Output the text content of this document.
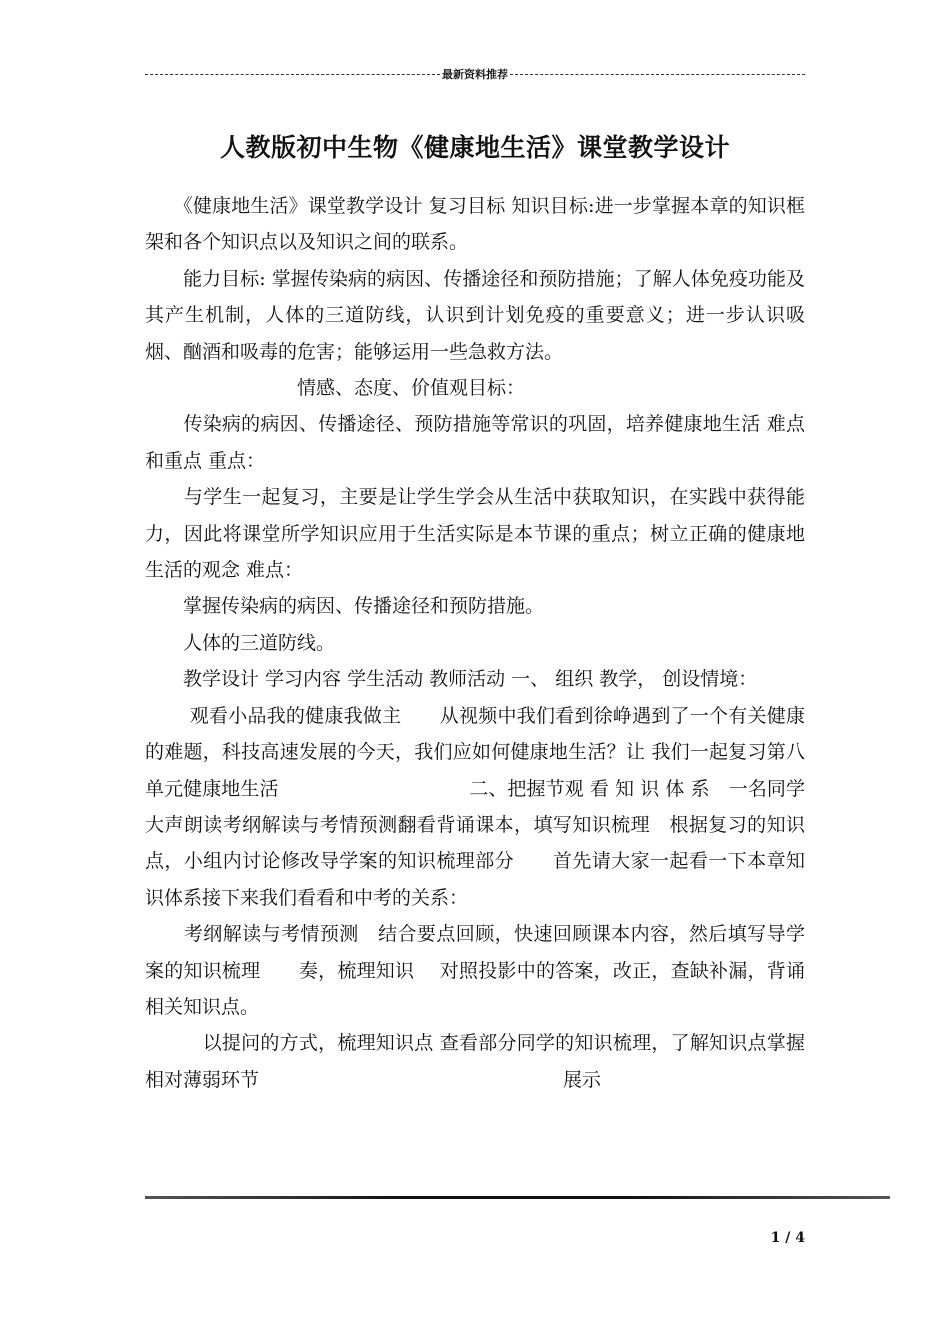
最新资料推荐
人教版初中生物《健康地生活》课堂教学设计

　　《健康地生活》课堂教学设计 复习目标 知识目标:进一步掌握本章的知识框架和各个知识点以及知识之间的联系。

　　能力目标: 掌握传染病的病因、传播途径和预防措施；了解人体免疫功能及其产生机制，人体的三道防线，认识到计划免疫的重要意义；进一步认识吸烟、酗酒和吸毒的危害；能够运用一些急救方法。

　　　　　　　　情感、态度、价值观目标：

　　传染病的病因、传播途径、预防措施等常识的巩固，培养健康地生活 难点和重点 重点：

　　与学生一起复习，主要是让学生学会从生活中获取知识，在实践中获得能力，因此将课堂所学知识应用于生活实际是本节课的重点；树立正确的健康地生活的观念 难点：

　　掌握传染病的病因、传播途径和预防措施。

　　人体的三道防线。

　　教学设计 学习内容 学生活动 教师活动 一、 组织 教学， 创设情境：

　　 观看小品我的健康我做主　　从视频中我们看到徐峥遇到了一个有关健康的难题，科技高速发展的今天，我们应如何健康地生活？让 我们一起复习第八单元健康地生活　　　　　　　　　　二、把握节观 看 知 识 体 系　一名同学大声朗读考纲解读与考情预测翻看背诵课本，填写知识梳理　根据复习的知识点，小组内讨论修改导学案的知识梳理部分　　首先请大家一起看一下本章知识体系接下来我们看看和中考的关系：

　　考纲解读与考情预测　结合要点回顾，快速回顾课本内容，然后填写导学案的知识梳理　　奏，梳理知识　 对照投影中的答案，改正，查缺补漏，背诵相关知识点。

　　　以提问的方式，梳理知识点 查看部分同学的知识梳理，了解知识点掌握相对薄弱环节　　　　　　　　　　　　　　　　展示

1 / 4
